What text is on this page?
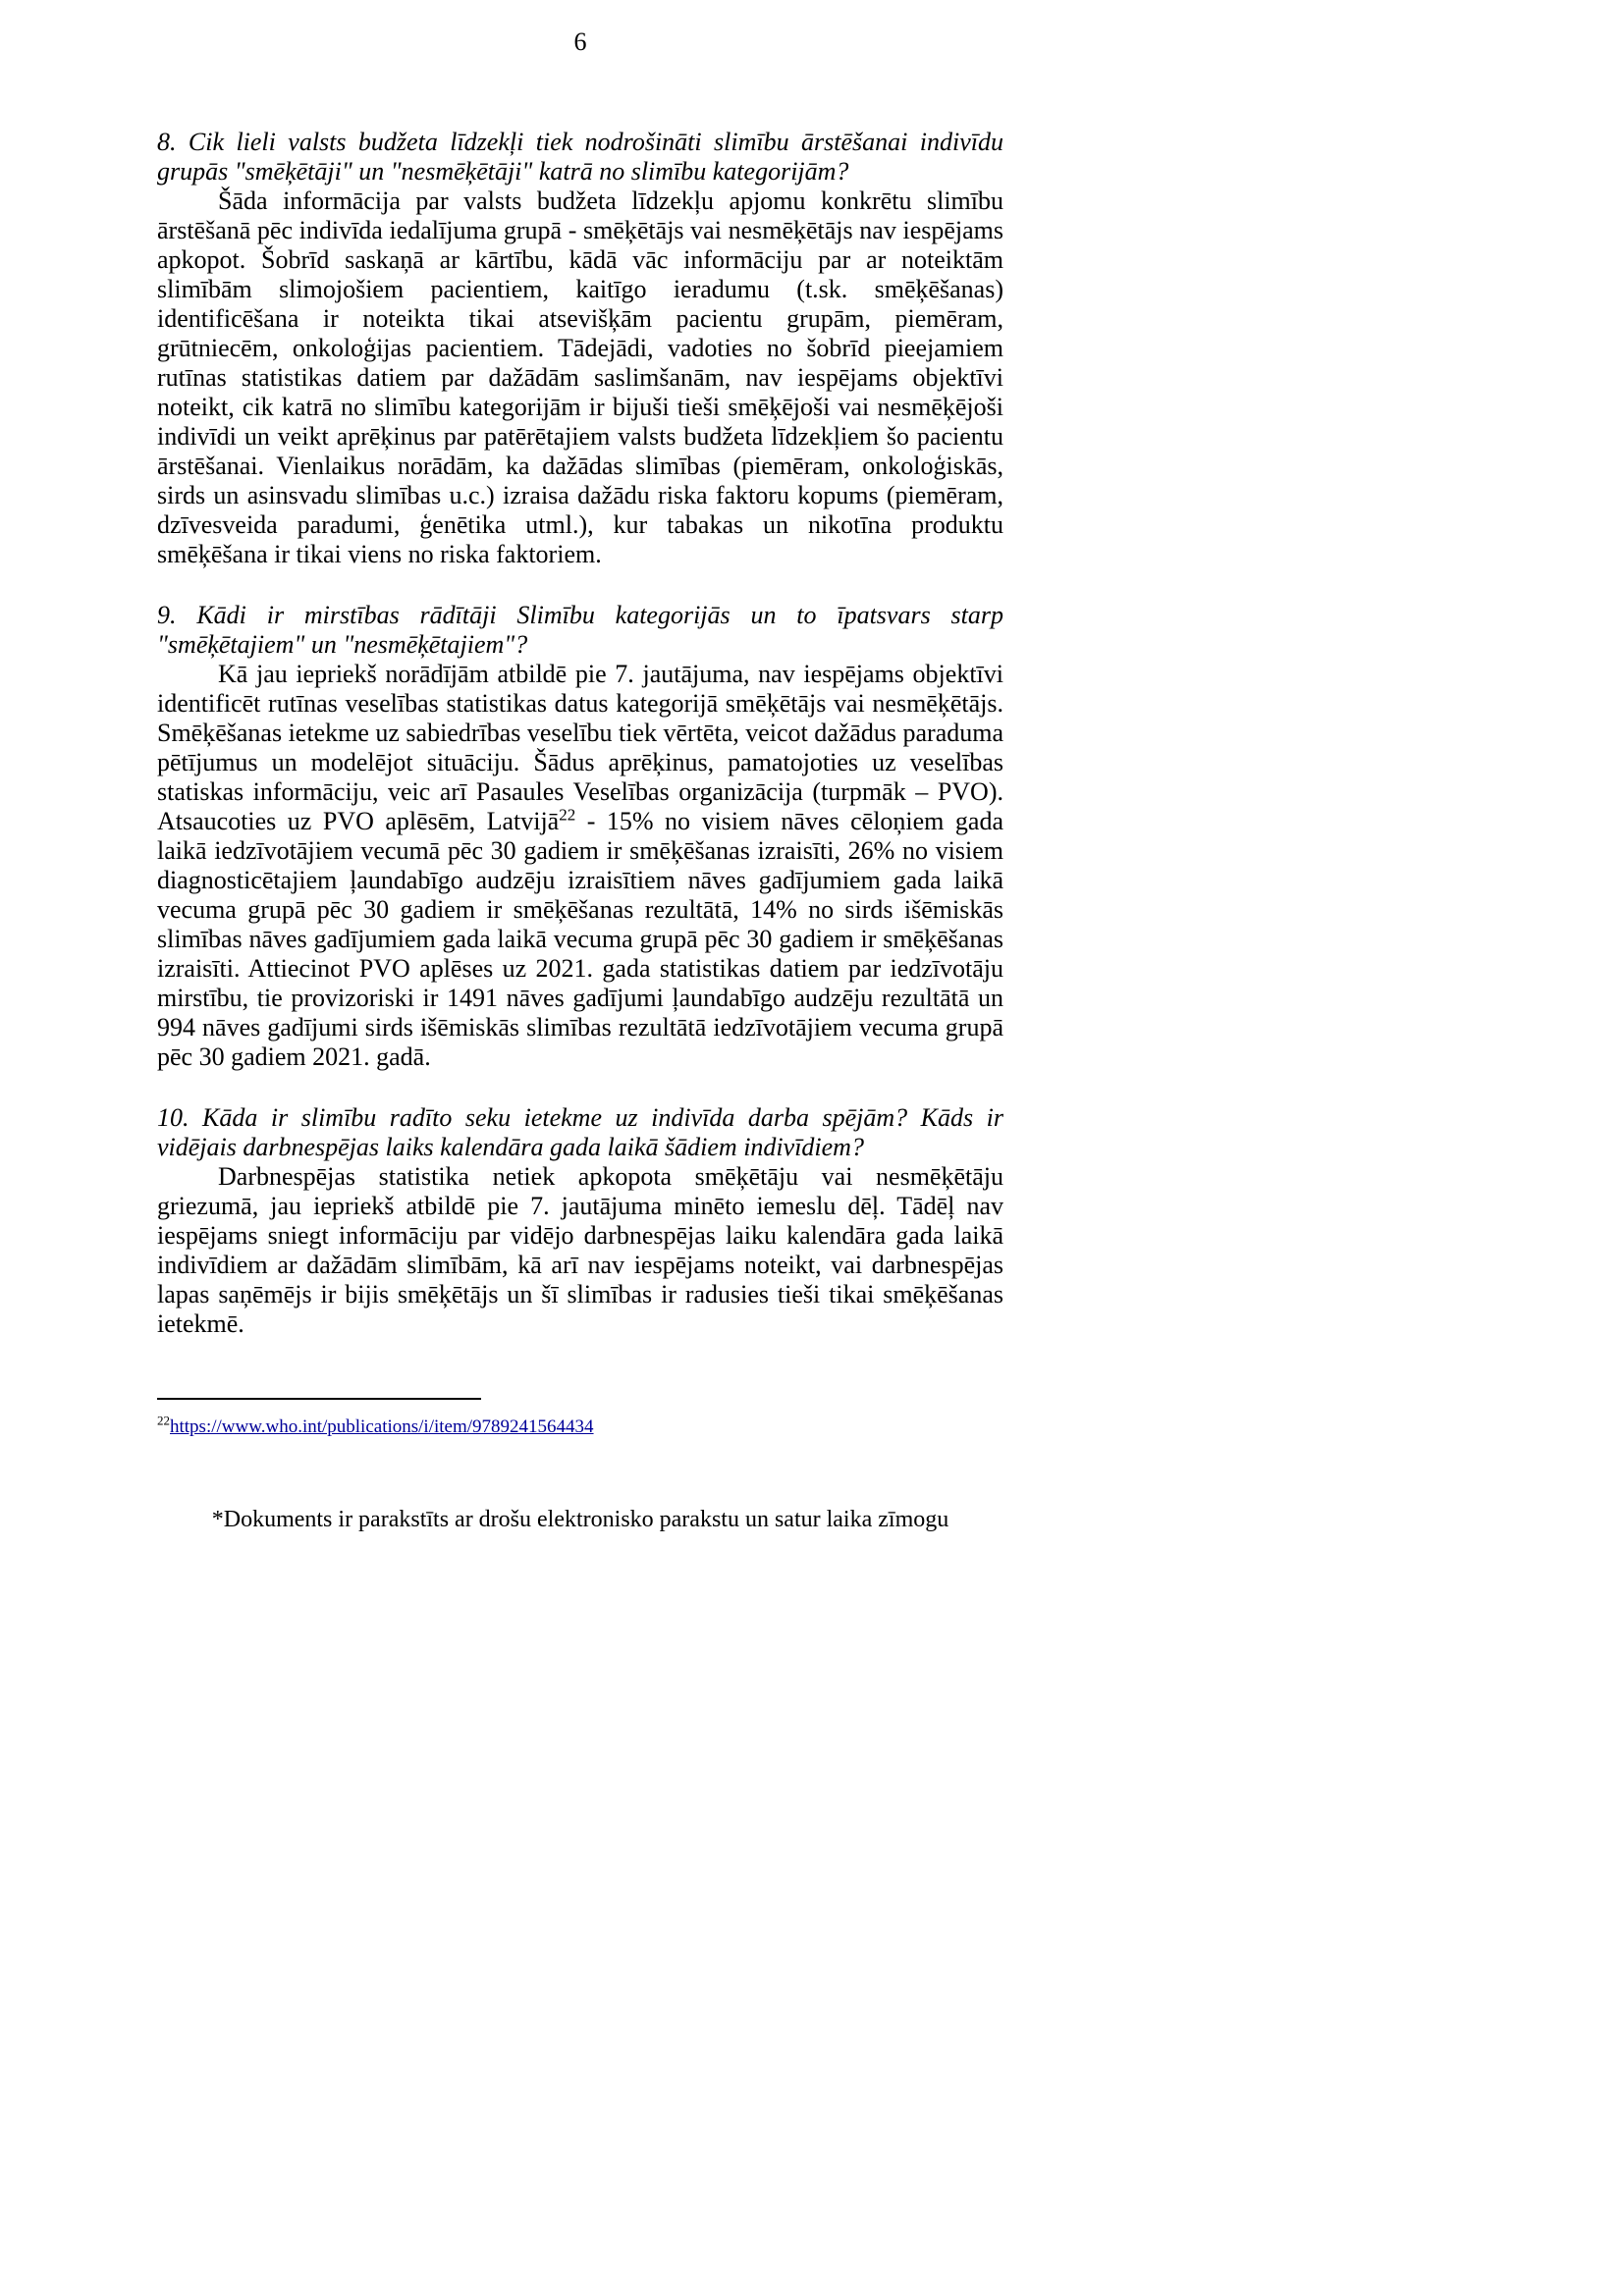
6

8. Cik lieli valsts budžeta līdzekļi tiek nodrošināti slimību ārstēšanai indivīdu grupās "smēķētāji" un "nesmēķētāji" katrā no slimību kategorijām?

Šāda informācija par valsts budžeta līdzekļu apjomu konkrētu slimību ārstēšanā pēc indivīda iedalījuma grupā - smēķētājs vai nesmēķētājs nav iespējams apkopot. Šobrīd saskaņā ar kārtību, kādā vāc informāciju par ar noteiktām slimībām slimojošiem pacientiem, kaitīgo ieradumu (t.sk. smēķēšanas) identificēšana ir noteikta tikai atsevišķām pacientu grupām, piemēram, grūtniecēm, onkoloģijas pacientiem. Tādejādi, vadoties no šobrīd pieejamiem rutīnas statistikas datiem par dažādām saslimšanām, nav iespējams objektīvi noteikt, cik katrā no slimību kategorijām ir bijuši tieši smēķējoši vai nesmēķējoši indivīdi un veikt aprēķinus par patērētajiem valsts budžeta līdzekļiem šo pacientu ārstēšanai. Vienlaikus norādām, ka dažādas slimības (piemēram, onkoloģiskās, sirds un asinsvadu slimības u.c.) izraisa dažādu riska faktoru kopums (piemēram, dzīvesveida paradumi, ģenētika utml.), kur tabakas un nikotīna produktu smēķēšana ir tikai viens no riska faktoriem.

9. Kādi ir mirstības rādītāji Slimību kategorijās un to īpatsvars starp "smēķētajiem" un "nesmēķētajiem"?

Kā jau iepriekš norādījām atbildē pie 7. jautājuma, nav iespējams objektīvi identificēt rutīnas veselības statistikas datus kategorijā smēķētājs vai nesmēķētājs. Smēķēšanas ietekme uz sabiedrības veselību tiek vērtēta, veicot dažādus paraduma pētījumus un modelējot situāciju. Šādus aprēķinus, pamatojoties uz veselības statiskas informāciju, veic arī Pasaules Veselības organizācija (turpmāk – PVO). Atsaucoties uz PVO aplēsēm, Latvijā$^{22}$ - 15% no visiem nāves cēloņiem gada laikā iedzīvotājiem vecumā pēc 30 gadiem ir smēķēšanas izraisīti, 26% no visiem diagnosticētajiem ļaundabīgo audzēju izraisītiem nāves gadījumiem gada laikā vecuma grupā pēc 30 gadiem ir smēķēšanas rezultātā, 14% no sirds išēmiskās slimības nāves gadījumiem gada laikā vecuma grupā pēc 30 gadiem ir smēķēšanas izraisīti. Attiecinot PVO aplēses uz 2021. gada statistikas datiem par iedzīvotāju mirstību, tie provizoriski ir 1491 nāves gadījumi ļaundabīgo audzēju rezultātā un 994 nāves gadījumi sirds išēmiskās slimības rezultātā iedzīvotājiem vecuma grupā pēc 30 gadiem 2021. gadā.

10. Kāda ir slimību radīto seku ietekme uz indivīda darba spējām? Kāds ir vidējais darbnespējas laiks kalendāra gada laikā šādiem indivīdiem?

Darbnespējas statistika netiek apkopota smēķētāju vai nesmēķētāju griezumā, jau iepriekš atbildē pie 7. jautājuma minēto iemeslu dēļ. Tādēļ nav iespējams sniegt informāciju par vidējo darbnespējas laiku kalendāra gada laikā indivīdiem ar dažādām slimībām, kā arī nav iespējams noteikt, vai darbnespējas lapas saņēmējs ir bijis smēķētājs un šī slimības ir radusies tieši tikai smēķēšanas ietekmē.

$^{22}$https://www.who.int/publications/i/item/9789241564434
*Dokuments ir parakstīts ar drošu elektronisko parakstu un satur laika zīmogu
